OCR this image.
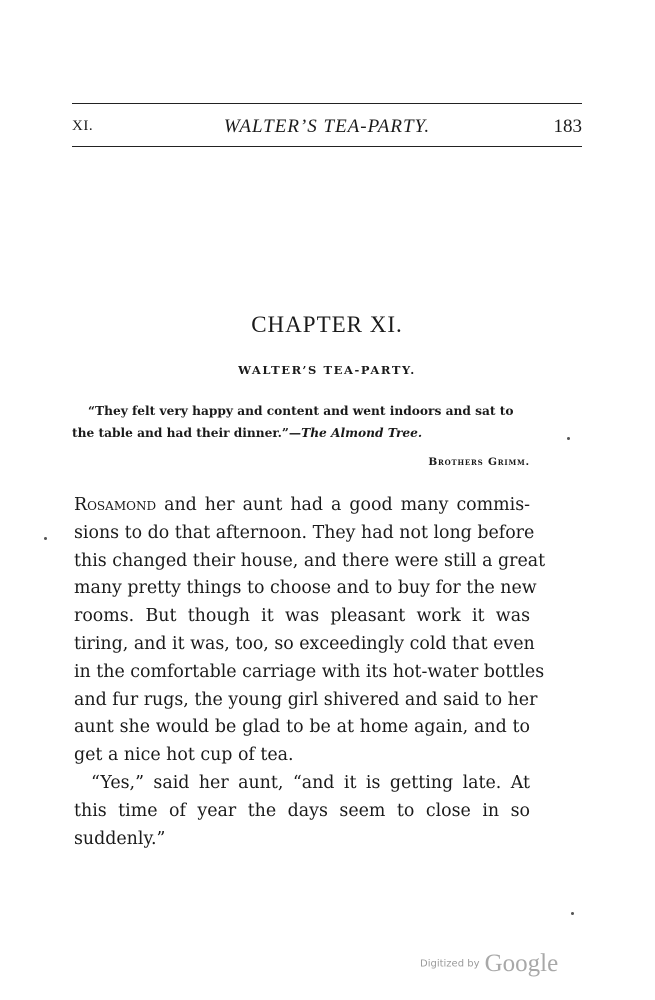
XI.	WALTER’S TEA-PARTY.	183
CHAPTER XI.
WALTER’S TEA-PARTY.

“They felt very happy and content and went indoors and sat to

the table and had their dinner.”—The Almond Tree.

Brothers Grimm.

Rosamond and her aunt had a good many commis-
sions to do that afternoon. They had not long before
this changed their house, and there were still a great
many pretty things to choose and to buy for the new
rooms. But though it was pleasant work it was
tiring, and it was, too, so exceedingly cold that even
in the comfortable carriage with its hot-water bottles
and fur rugs, the young girl shivered and said to her
aunt she would be glad to be at home again, and to
get a nice hot cup of tea.

“Yes,” said her aunt, “and it is getting late. At
this time of year the days seem to close in so
suddenly.”

Digitized by Google
